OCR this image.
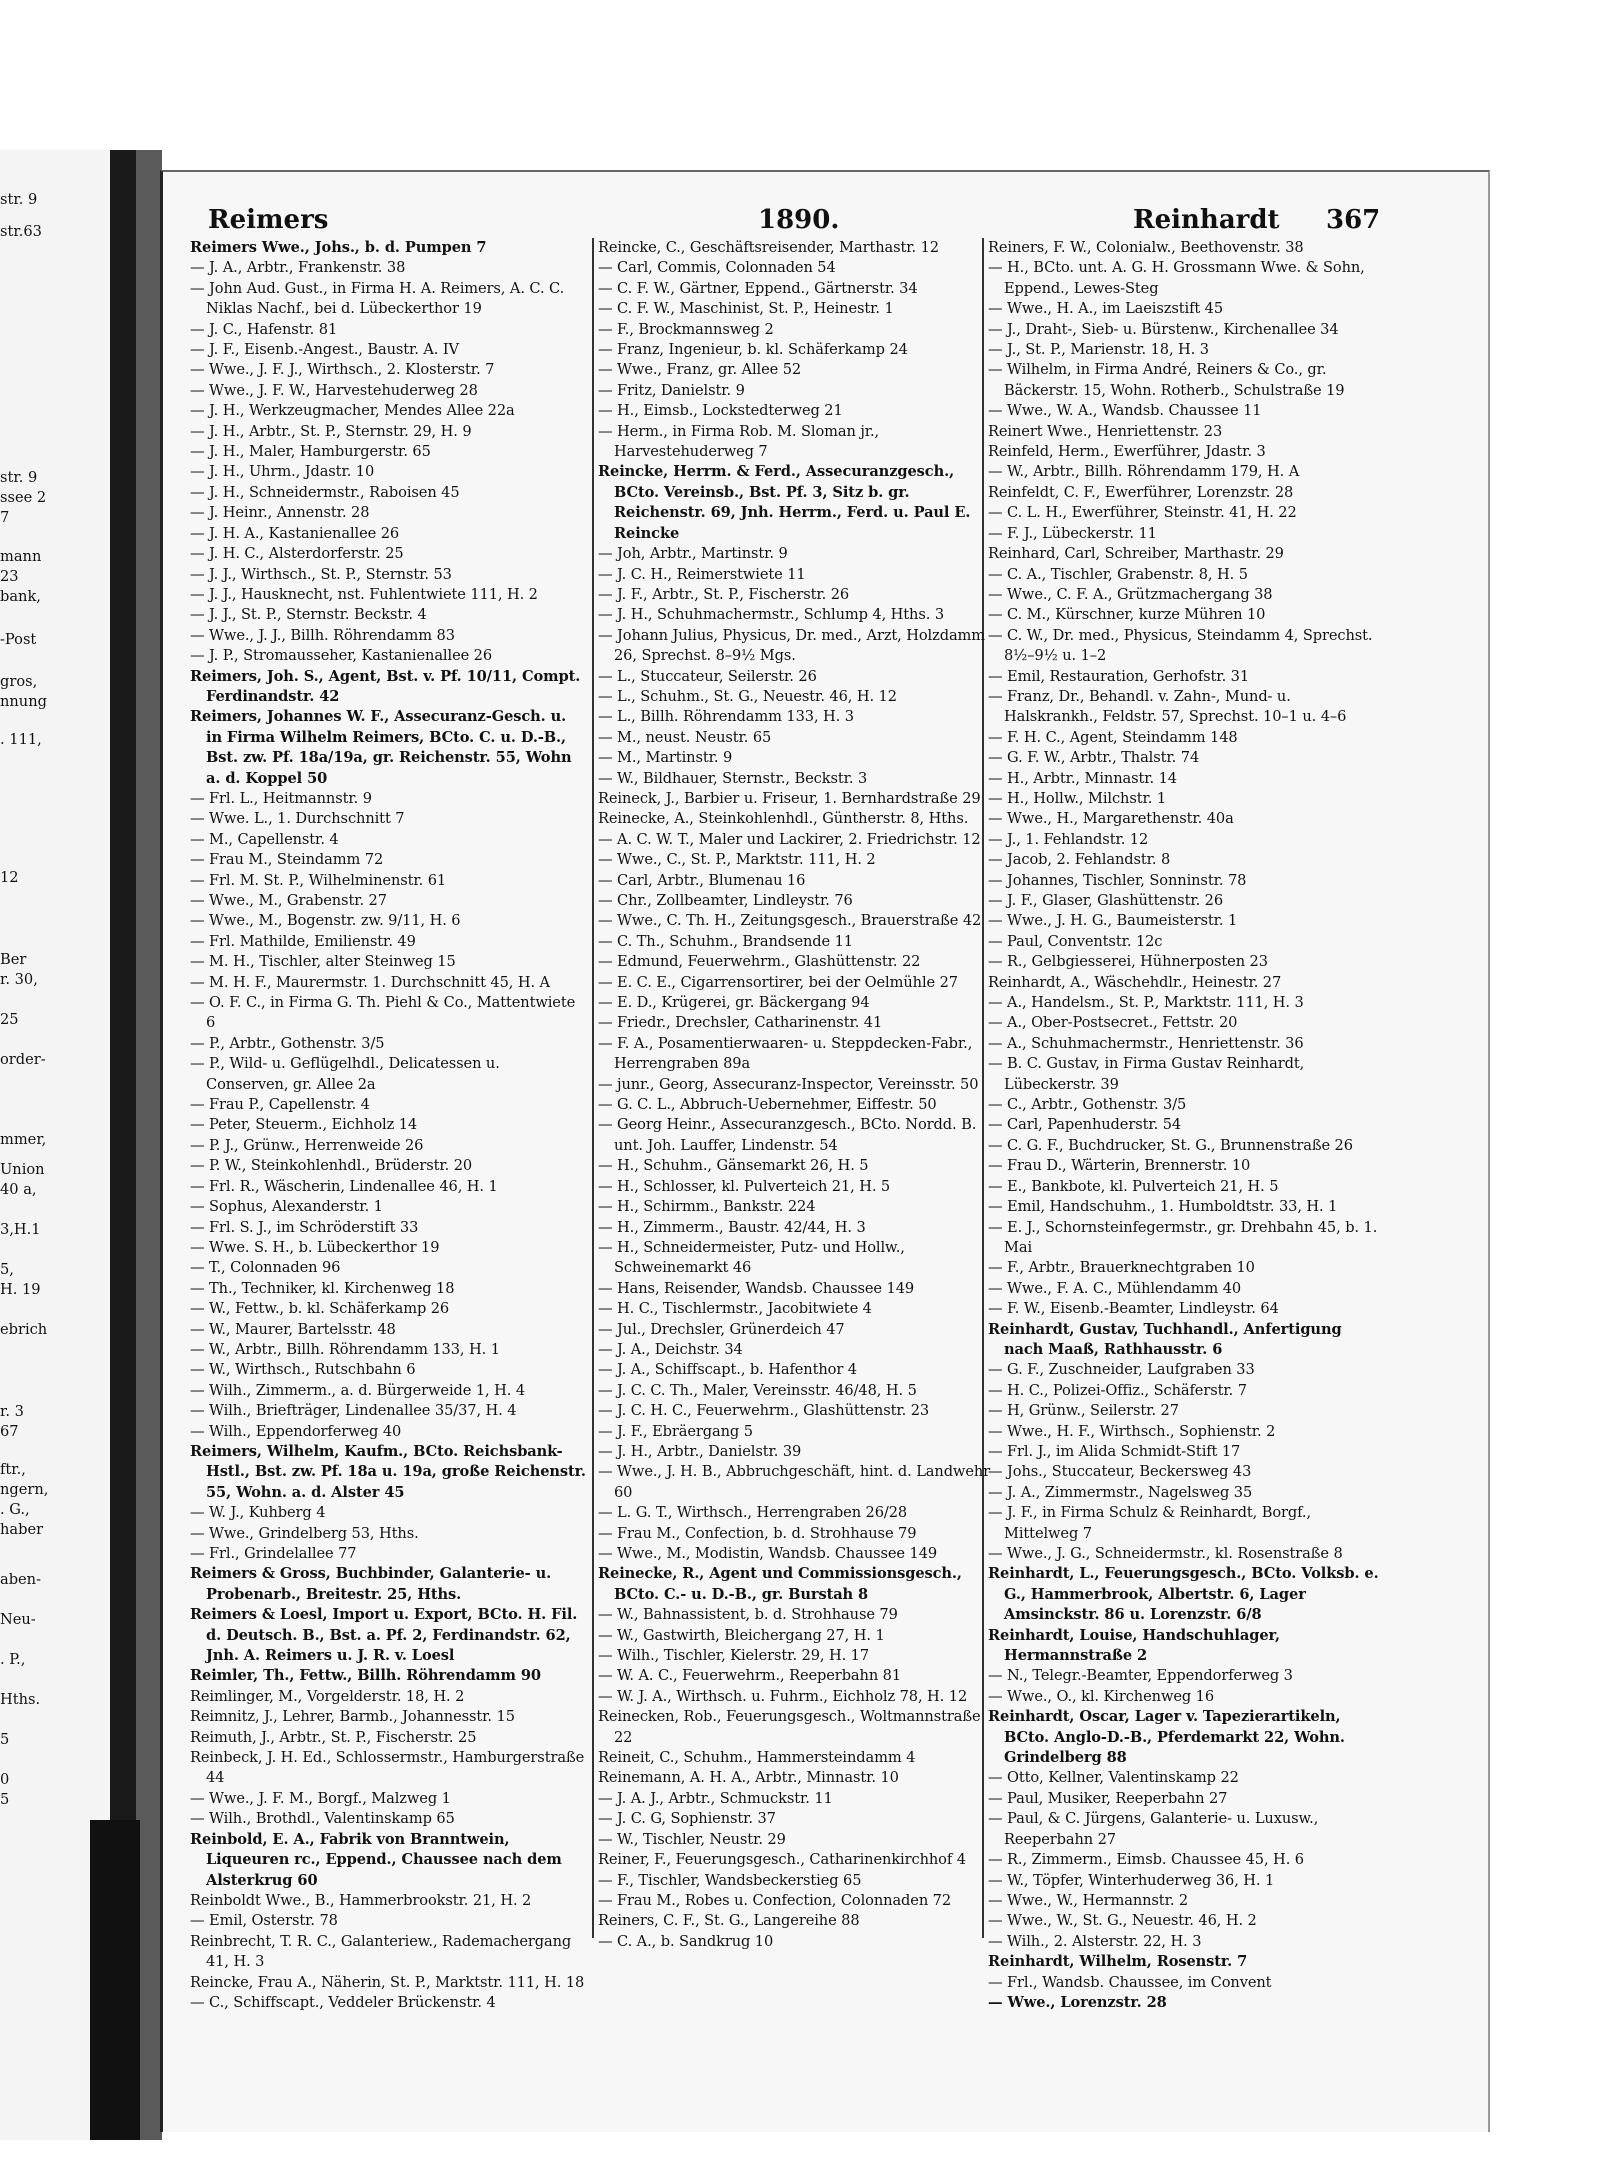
str. 9
str.63
str. 9
ssee 2
7
mann
23
bank,
-Post
gros,
nnung
. 111,
12
Ber
r. 30,
25
order-
mmer,
Union
40 a,
3,H.1
5,
H. 19
ebrich
r. 3
67
ftr.,
ngern,
. G.,
haber
aben-
Neu-
. P.,
Hths.
5
0
5
Reimers	1890.	Reinhardt 367
Reimers Wwe., Johs., b. d. Pumpen 7
— J. A., Arbtr., Frankenstr. 38
— John Aud. Gust., in Firma H. A. Reimers, A. C. C. Niklas Nachf., bei d. Lübeckerthor 19
— J. C., Hafenstr. 81
— J. F., Eisenb.-Angest., Baustr. A. IV
— Wwe., J. F. J., Wirthsch., 2. Klosterstr. 7
— Wwe., J. F. W., Harvestehuderweg 28
— J. H., Werkzeugmacher, Mendes Allee 22a
— J. H., Arbtr., St. P., Sternstr. 29, H. 9
— J. H., Maler, Hamburgerstr. 65
— J. H., Uhrm., Jdastr. 10
— J. H., Schneidermstr., Raboisen 45
— J. Heinr., Annenstr. 28
— J. H. A., Kastanienallee 26
— J. H. C., Alsterdorferstr. 25
— J. J., Wirthsch., St. P., Sternstr. 53
— J. J., Hausknecht, nst. Fuhlentwiete 111, H. 2
— J. J., St. P., Sternstr. Beckstr. 4
— Wwe., J. J., Billh. Röhrendamm 83
— J. P., Stromausseher, Kastanienallee 26
Reimers, Joh. S., Agent, Bst. v. Pf. 10/11, Compt. Ferdinandstr. 42
Reimers, Johannes W. F., Assecuranz-Gesch. u. in Firma Wilhelm Reimers, BCto. C. u. D.-B., Bst. zw. Pf. 18a/19a, gr. Reichenstr. 55, Wohn a. d. Koppel 50
— Frl. L., Heitmannstr. 9
— Wwe. L., 1. Durchschnitt 7
— M., Capellenstr. 4
— Frau M., Steindamm 72
— Frl. M. St. P., Wilhelminenstr. 61
— Wwe., M., Grabenstr. 27
— Wwe., M., Bogenstr. zw. 9/11, H. 6
— Frl. Mathilde, Emilienstr. 49
— M. H., Tischler, alter Steinweg 15
— M. H. F., Maurermstr. 1. Durchschnitt 45, H. A
— O. F. C., in Firma G. Th. Piehl & Co., Mattentwiete 6
— P., Arbtr., Gothenstr. 3/5
— P., Wild- u. Geflügelhdl., Delicatessen u. Conserven, gr. Allee 2a
— Frau P., Capellenstr. 4
— Peter, Steuerm., Eichholz 14
— P. J., Grünw., Herrenweide 26
— P. W., Steinkohlenhdl., Brüderstr. 20
— Frl. R., Wäscherin, Lindenallee 46, H. 1
— Sophus, Alexanderstr. 1
— Frl. S. J., im Schröderstift 33
— Wwe. S. H., b. Lübeckerthor 19
— T., Colonnaden 96
— Th., Techniker, kl. Kirchenweg 18
— W., Fettw., b. kl. Schäferkamp 26
— W., Maurer, Bartelsstr. 48
— W., Arbtr., Billh. Röhrendamm 133, H. 1
— W., Wirthsch., Rutschbahn 6
— Wilh., Zimmerm., a. d. Bürgerweide 1, H. 4
— Wilh., Briefträger, Lindenallee 35/37, H. 4
— Wilh., Eppendorferweg 40
Reimers, Wilhelm, Kaufm., BCto. Reichsbank-Hstl., Bst. zw. Pf. 18a u. 19a, große Reichenstr. 55, Wohn. a. d. Alster 45
— W. J., Kuhberg 4
— Wwe., Grindelberg 53, Hths.
— Frl., Grindelallee 77
Reimers & Gross, Buchbinder, Galanterie- u. Probenarb., Breitestr. 25, Hths.
Reimers & Loesl, Import u. Export, BCto. H. Fil. d. Deutsch. B., Bst. a. Pf. 2, Ferdinandstr. 62, Jnh. A. Reimers u. J. R. v. Loesl
Reimler, Th., Fettw., Billh. Röhrendamm 90
Reimlinger, M., Vorgelderstr. 18, H. 2
Reimnitz, J., Lehrer, Barmb., Johannesstr. 15
Reimuth, J., Arbtr., St. P., Fischerstr. 25
Reinbeck, J. H. Ed., Schlossermstr., Hamburgerstraße 44
— Wwe., J. F. M., Borgf., Malzweg 1
— Wilh., Brothdl., Valentinskamp 65
Reinbold, E. A., Fabrik von Branntwein, Liqueuren rc., Eppend., Chaussee nach dem Alsterkrug 60
Reinboldt Wwe., B., Hammerbrookstr. 21, H. 2
— Emil, Osterstr. 78
Reinbrecht, T. R. C., Galanteriew., Rademachergang 41, H. 3
Reincke, Frau A., Näherin, St. P., Marktstr. 111, H. 18
— C., Schiffscapt., Veddeler Brückenstr. 4
Reincke, C., Geschäftsreisender, Marthastr. 12
— Carl, Commis, Colonnaden 54
— C. F. W., Gärtner, Eppend., Gärtnerstr. 34
— C. F. W., Maschinist, St. P., Heinestr. 1
— F., Brockmannsweg 2
— Franz, Ingenieur, b. kl. Schäferkamp 24
— Wwe., Franz, gr. Allee 52
— Fritz, Danielstr. 9
— H., Eimsb., Lockstedterweg 21
— Herm., in Firma Rob. M. Sloman jr., Harvestehuderweg 7
Reincke, Herrm. & Ferd., Assecuranzgesch., BCto. Vereinsb., Bst. Pf. 3, Sitz b. gr. Reichenstr. 69, Jnh. Herrm., Ferd. u. Paul E. Reincke
— Joh, Arbtr., Martinstr. 9
— J. C. H., Reimerstwiete 11
— J. F., Arbtr., St. P., Fischerstr. 26
— J. H., Schuhmachermstr., Schlump 4, Hths. 3
— Johann Julius, Physicus, Dr. med., Arzt, Holzdamm 26, Sprechst. 8–9½ Mgs.
— L., Stuccateur, Seilerstr. 26
— L., Schuhm., St. G., Neuestr. 46, H. 12
— L., Billh. Röhrendamm 133, H. 3
— M., neust. Neustr. 65
— M., Martinstr. 9
— W., Bildhauer, Sternstr., Beckstr. 3
Reineck, J., Barbier u. Friseur, 1. Bernhardstraße 29
Reinecke, A., Steinkohlenhdl., Güntherstr. 8, Hths.
— A. C. W. T., Maler und Lackirer, 2. Friedrichstr. 12
— Wwe., C., St. P., Marktstr. 111, H. 2
— Carl, Arbtr., Blumenau 16
— Chr., Zollbeamter, Lindleystr. 76
— Wwe., C. Th. H., Zeitungsgesch., Brauerstraße 42
— C. Th., Schuhm., Brandsende 11
— Edmund, Feuerwehrm., Glashüttenstr. 22
— E. C. E., Cigarrensortirer, bei der Oelmühle 27
— E. D., Krügerei, gr. Bäckergang 94
— Friedr., Drechsler, Catharinenstr. 41
— F. A., Posamentierwaaren- u. Steppdecken-Fabr., Herrengraben 89a
— junr., Georg, Assecuranz-Inspector, Vereinsstr. 50
— G. C. L., Abbruch-Uebernehmer, Eiffestr. 50
— Georg Heinr., Assecuranzgesch., BCto. Nordd. B. unt. Joh. Lauffer, Lindenstr. 54
— H., Schuhm., Gänsemarkt 26, H. 5
— H., Schlosser, kl. Pulverteich 21, H. 5
— H., Schirmm., Bankstr. 224
— H., Zimmerm., Baustr. 42/44, H. 3
— H., Schneidermeister, Putz- und Hollw., Schweinemarkt 46
— Hans, Reisender, Wandsb. Chaussee 149
— H. C., Tischlermstr., Jacobitwiete 4
— Jul., Drechsler, Grünerdeich 47
— J. A., Deichstr. 34
— J. A., Schiffscapt., b. Hafenthor 4
— J. C. C. Th., Maler, Vereinsstr. 46/48, H. 5
— J. C. H. C., Feuerwehrm., Glashüttenstr. 23
— J. F., Ebräergang 5
— J. H., Arbtr., Danielstr. 39
— Wwe., J. H. B., Abbruchgeschäft, hint. d. Landwehr 60
— L. G. T., Wirthsch., Herrengraben 26/28
— Frau M., Confection, b. d. Strohhause 79
— Wwe., M., Modistin, Wandsb. Chaussee 149
Reinecke, R., Agent und Commissionsgesch., BCto. C.- u. D.-B., gr. Burstah 8
— W., Bahnassistent, b. d. Strohhause 79
— W., Gastwirth, Bleichergang 27, H. 1
— Wilh., Tischler, Kielerstr. 29, H. 17
— W. A. C., Feuerwehrm., Reeperbahn 81
— W. J. A., Wirthsch. u. Fuhrm., Eichholz 78, H. 12
Reinecken, Rob., Feuerungsgesch., Woltmannstraße 22
Reineit, C., Schuhm., Hammersteindamm 4
Reinemann, A. H. A., Arbtr., Minnastr. 10
— J. A. J., Arbtr., Schmuckstr. 11
— J. C. G, Sophienstr. 37
— W., Tischler, Neustr. 29
Reiner, F., Feuerungsgesch., Catharinenkirchhof 4
— F., Tischler, Wandsbeckerstieg 65
— Frau M., Robes u. Confection, Colonnaden 72
Reiners, C. F., St. G., Langereihe 88
— C. A., b. Sandkrug 10
Reiners, F. W., Colonialw., Beethovenstr. 38
— H., BCto. unt. A. G. H. Grossmann Wwe. & Sohn, Eppend., Lewes-Steg
— Wwe., H. A., im Laeiszstift 45
— J., Draht-, Sieb- u. Bürstenw., Kirchenallee 34
— J., St. P., Marienstr. 18, H. 3
— Wilhelm, in Firma André, Reiners & Co., gr. Bäckerstr. 15, Wohn. Rotherb., Schulstraße 19
— Wwe., W. A., Wandsb. Chaussee 11
Reinert Wwe., Henriettenstr. 23
Reinfeld, Herm., Ewerführer, Jdastr. 3
— W., Arbtr., Billh. Röhrendamm 179, H. A
Reinfeldt, C. F., Ewerführer, Lorenzstr. 28
— C. L. H., Ewerführer, Steinstr. 41, H. 22
— F. J., Lübeckerstr. 11
Reinhard, Carl, Schreiber, Marthastr. 29
— C. A., Tischler, Grabenstr. 8, H. 5
— Wwe., C. F. A., Grützmachergang 38
— C. M., Kürschner, kurze Mühren 10
— C. W., Dr. med., Physicus, Steindamm 4, Sprechst. 8½–9½ u. 1–2
— Emil, Restauration, Gerhofstr. 31
— Franz, Dr., Behandl. v. Zahn-, Mund- u. Halskrankh., Feldstr. 57, Sprechst. 10–1 u. 4–6
— F. H. C., Agent, Steindamm 148
— G. F. W., Arbtr., Thalstr. 74
— H., Arbtr., Minnastr. 14
— H., Hollw., Milchstr. 1
— Wwe., H., Margarethenstr. 40a
— J., 1. Fehlandstr. 12
— Jacob, 2. Fehlandstr. 8
— Johannes, Tischler, Sonninstr. 78
— J. F., Glaser, Glashüttenstr. 26
— Wwe., J. H. G., Baumeisterstr. 1
— Paul, Conventstr. 12c
— R., Gelbgiesserei, Hühnerposten 23
Reinhardt, A., Wäschehdlr., Heinestr. 27
— A., Handelsm., St. P., Marktstr. 111, H. 3
— A., Ober-Postsecret., Fettstr. 20
— A., Schuhmachermstr., Henriettenstr. 36
— B. C. Gustav, in Firma Gustav Reinhardt, Lübeckerstr. 39
— C., Arbtr., Gothenstr. 3/5
— Carl, Papenhuderstr. 54
— C. G. F., Buchdrucker, St. G., Brunnenstraße 26
— Frau D., Wärterin, Brennerstr. 10
— E., Bankbote, kl. Pulverteich 21, H. 5
— Emil, Handschuhm., 1. Humboldtstr. 33, H. 1
— E. J., Schornsteinfegermstr., gr. Drehbahn 45, b. 1. Mai
— F., Arbtr., Brauerknechtgraben 10
— Wwe., F. A. C., Mühlendamm 40
— F. W., Eisenb.-Beamter, Lindleystr. 64
Reinhardt, Gustav, Tuchhandl., Anfertigung nach Maaß, Rathhausstr. 6
— G. F., Zuschneider, Laufgraben 33
— H. C., Polizei-Offiz., Schäferstr. 7
— H, Grünw., Seilerstr. 27
— Wwe., H. F., Wirthsch., Sophienstr. 2
— Frl. J., im Alida Schmidt-Stift 17
— Johs., Stuccateur, Beckersweg 43
— J. A., Zimmermstr., Nagelsweg 35
— J. F., in Firma Schulz & Reinhardt, Borgf., Mittelweg 7
— Wwe., J. G., Schneidermstr., kl. Rosenstraße 8
Reinhardt, L., Feuerungsgesch., BCto. Volksb. e. G., Hammerbrook, Albertstr. 6, Lager Amsinckstr. 86 u. Lorenzstr. 6/8
Reinhardt, Louise, Handschuhlager, Hermannstraße 2
— N., Telegr.-Beamter, Eppendorferweg 3
— Wwe., O., kl. Kirchenweg 16
Reinhardt, Oscar, Lager v. Tapezierartikeln, BCto. Anglo-D.-B., Pferdemarkt 22, Wohn. Grindelberg 88
— Otto, Kellner, Valentinskamp 22
— Paul, Musiker, Reeperbahn 27
— Paul, & C. Jürgens, Galanterie- u. Luxusw., Reeperbahn 27
— R., Zimmerm., Eimsb. Chaussee 45, H. 6
— W., Töpfer, Winterhuderweg 36, H. 1
— Wwe., W., Hermannstr. 2
— Wwe., W., St. G., Neuestr. 46, H. 2
— Wilh., 2. Alsterstr. 22, H. 3
Reinhardt, Wilhelm, Rosenstr. 7
— Frl., Wandsb. Chaussee, im Convent
— Wwe., Lorenzstr. 28
